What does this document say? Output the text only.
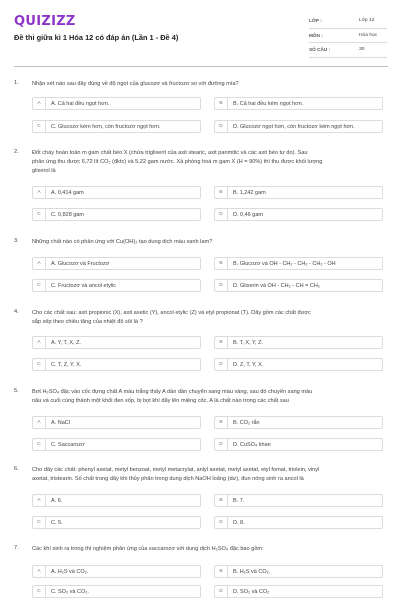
QUIZIZZ
Đề thi giữa kì 1 Hóa 12 có đáp án (Lần 1 - Đề 4)
LỚP :	Lớp 12
MÔN :	Hóa học
SỐ CÂU :	30
1. Nhận xét nào sau đây đúng về độ ngọt của glucozơ và fructozơ so với đường mía?
A	A. Cả hai đều ngọt hơn.	B	B. Cả hai đều kém ngọt hơn.
C	C. Glucozơ kém hơn, còn fructozơ ngọt hơn.	D	D. Glucozơ ngọt hơn, còn fructozơ kém ngọt hơn.
2. Đốt cháy hoàn toàn m gam chất béo X (chứa triglixerit của axit stearic, axit panmitic và các axit béo tự do). Sau
phản ứng thu được 6,72 lít CO₂ (đktc) và 5,22 gam nước. Xà phòng hoá m gam X (H = 90%) thì thu được khối lượng
glixerol là
A	A. 0,414 gam	B	B. 1,242 gam
C	C. 0,828 gam	D	D. 0,46 gam
3. Những chất nào có phản ứng với Cu(OH)₂ tạo dung dịch màu xanh lam?
A	A. Glucozơ và Fructozơ	B	B. Glucozơ và OH - CH₂ - CH₂ - CH₂ - OH
C	C. Fructozơ và ancol etylic	D	D. Glixerin và OH - CH₂ - CH = CH₂
4. Cho các chất sau: axit propionic (X), axit axetic (Y), ancol etylic (Z) và etyl propionat (T). Dãy gồm các chất được
sắp xếp theo chiều tăng của nhiệt độ sôi là ?
A	A. Y, T, X, Z.	B	B. T, X, Y, Z.
C	C. T, Z, Y, X.	D	D. Z, T, Y, X.
5. Bơt H₂SO₄ đặc vào cốc đựng chất A màu trắng thấy A dần dần chuyển sang màu vàng, sau đó chuyển sang màu
nâu và cuối cùng thành một khối đen xốp, bị bọt khí đẩy lên miệng cốc. A là chất nào trong các chất sau
A	A. NaCl	B	B. CO₂ rắn
C	C. Saccarozơ	D	D. CuSO₄ khan
6. Cho dãy các chất: phenyl axetat, metyl benzoat, metyl metacrylat, anlyl axetat, metyl axetat, etyl fomat, triolein, vinyl
axetat, tristearin. Số chất trong dãy khi thủy phân trong dung dịch NaOH loãng (dư), đun nóng sinh ra ancol là
A	A. 6.	B	B. 7.
C	C. 5.	D	D. 8.
7. Các khí sinh ra trong thí nghiệm phản ứng của saccarozơ với dung dịch H₂SO₄ đặc bao gồm:
A	A. H₂S và CO₂.	B	B. H₂S và CO₂.
C	C. SO₂ và CO₂.	D	D. SO₂ và CO₂
